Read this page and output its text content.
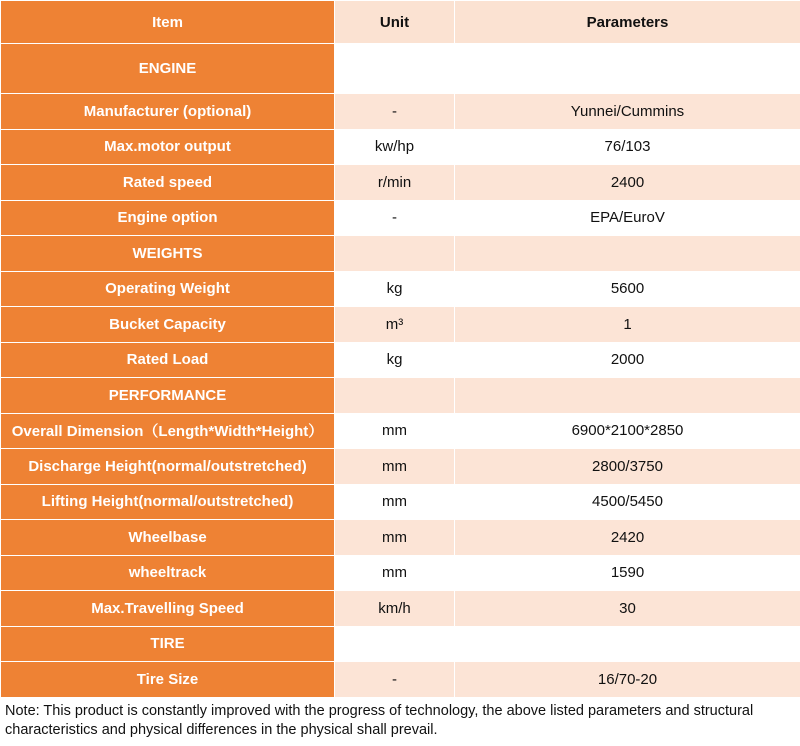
Item	Unit	Parameters
ENGINE		
Manufacturer (optional)	-	Yunnei/Cummins
Max.motor output	kw/hp	76/103
Rated speed	r/min	2400
Engine option	-	EPA/EuroV
WEIGHTS		
Operating Weight	kg	5600
Bucket Capacity	m³	1
Rated Load	kg	2000
PERFORMANCE		
Overall Dimension（Length*Width*Height）	mm	6900*2100*2850
Discharge Height(normal/outstretched)	mm	2800/3750
Lifting Height(normal/outstretched)	mm	4500/5450
Wheelbase	mm	2420
wheeltrack	mm	1590
Max.Travelling Speed	km/h	30
TIRE		
Tire Size	-	16/70-20

Note: This product is constantly improved with the progress of technology, the above listed parameters and structural characteristics and physical differences in the physical shall prevail.
